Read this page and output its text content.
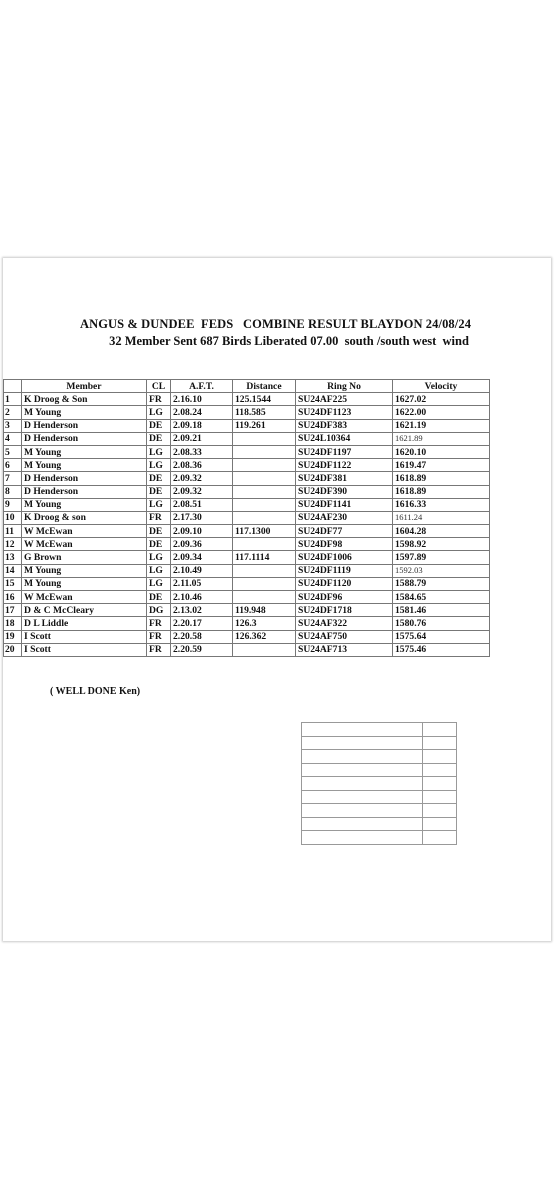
ANGUS & DUNDEE  FEDS   COMBINE RESULT BLAYDON 24/08/24
32 Member Sent 687 Birds Liberated 07.00  south /south west  wind
	Member	CL	A.F.T.	Distance	Ring No	Velocity
1	K Droog & Son	FR	2.16.10	125.1544	SU24AF225	1627.02
2	M Young	LG	2.08.24	118.585	SU24DF1123	1622.00
3	D Henderson	DE	2.09.18	119.261	SU24DF383	1621.19
4	D Henderson	DE	2.09.21		SU24L10364	1621.89
5	M Young	LG	2.08.33		SU24DF1197	1620.10
6	M Young	LG	2.08.36		SU24DF1122	1619.47
7	D Henderson	DE	2.09.32		SU24DF381	1618.89
8	D Henderson	DE	2.09.32		SU24DF390	1618.89
9	M Young	LG	2.08.51		SU24DF1141	1616.33
10	K Droog & son	FR	2.17.30		SU24AF230	1611.24
11	W McEwan	DE	2.09.10	117.1300	SU24DF77	1604.28
12	W McEwan	DE	2.09.36		SU24DF98	1598.92
13	G Brown	LG	2.09.34	117.1114	SU24DF1006	1597.89
14	M Young	LG	2.10.49		SU24DF1119	1592.03
15	M Young	LG	2.11.05		SU24DF1120	1588.79
16	W McEwan	DE	2.10.46		SU24DF96	1584.65
17	D & C McCleary	DG	2.13.02	119.948	SU24DF1718	1581.46
18	D L Liddle	FR	2.20.17	126.3	SU24AF322	1580.76
19	I Scott	FR	2.20.58	126.362	SU24AF750	1575.64
20	I Scott	FR	2.20.59		SU24AF713	1575.46
( WELL DONE Ken)
